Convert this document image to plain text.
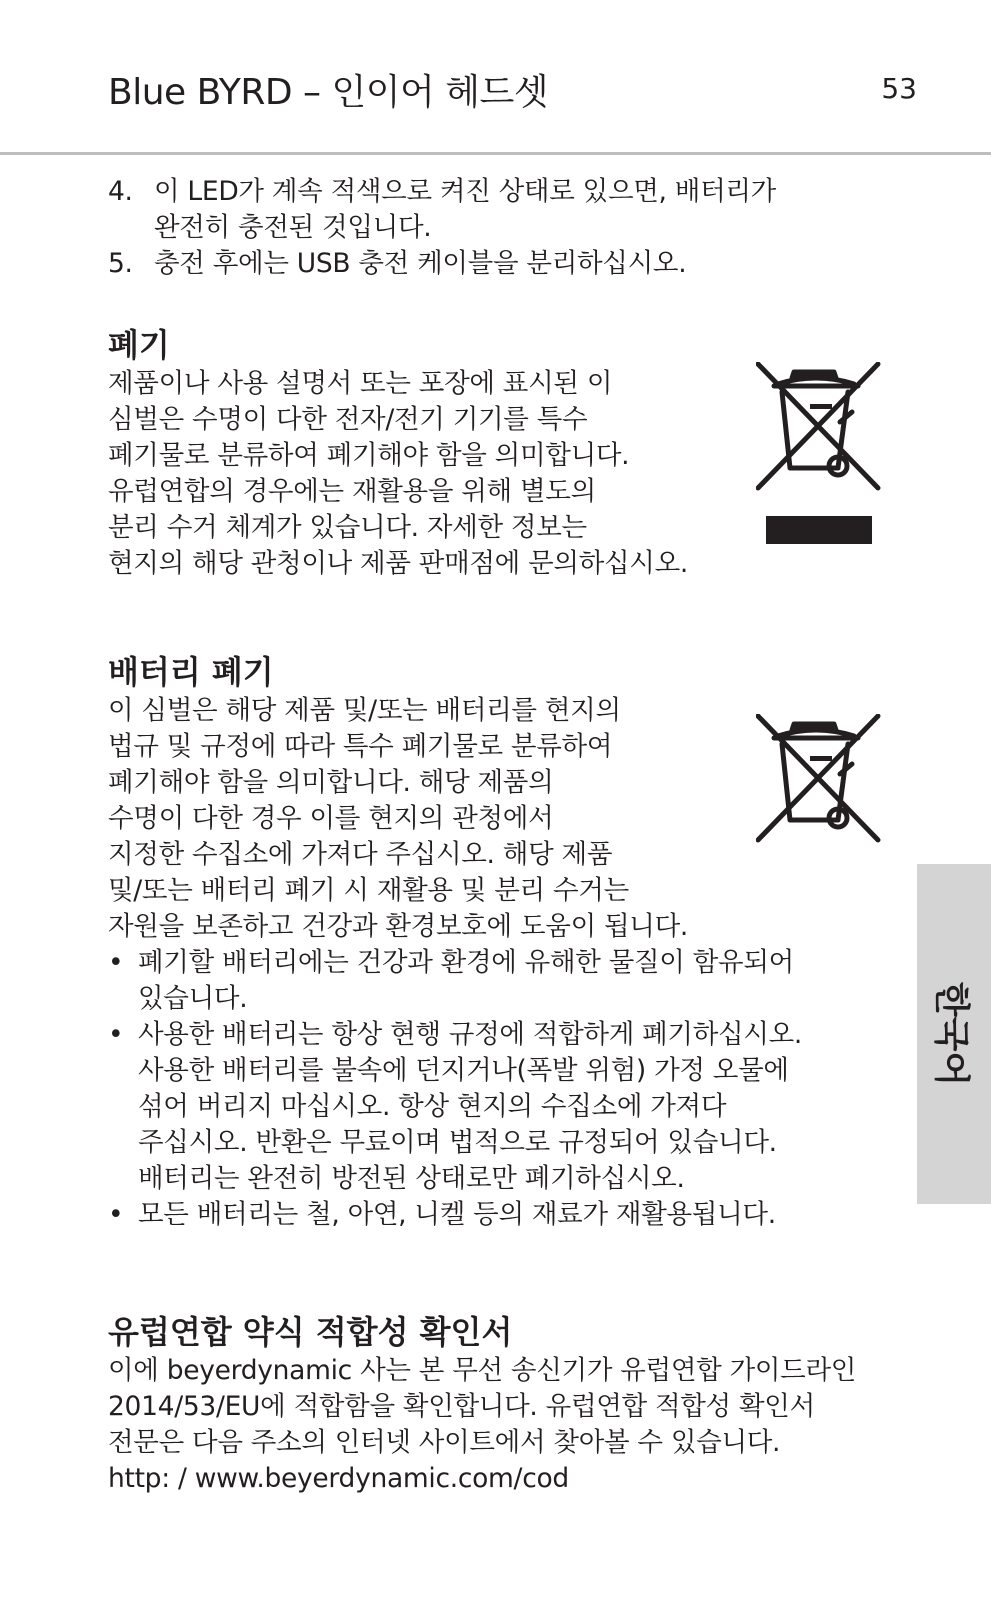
Blue BYRD – 인이어 헤드셋	53
4. 이 LED가 계속 적색으로 켜진 상태로 있으면, 배터리가
완전히 충전된 것입니다.
5. 충전 후에는 USB 충전 케이블을 분리하십시오.
폐기
제품이나 사용 설명서 또는 포장에 표시된 이
심벌은 수명이 다한 전자/전기 기기를 특수
폐기물로 분류하여 폐기해야 함을 의미합니다.
유럽연합의 경우에는 재활용을 위해 별도의
분리 수거 체계가 있습니다. 자세한 정보는
현지의 해당 관청이나 제품 판매점에 문의하십시오.
배터리 폐기
이 심벌은 해당 제품 및/또는 배터리를 현지의
법규 및 규정에 따라 특수 폐기물로 분류하여
폐기해야 함을 의미합니다. 해당 제품의
수명이 다한 경우 이를 현지의 관청에서
지정한 수집소에 가져다 주십시오. 해당 제품
및/또는 배터리 폐기 시 재활용 및 분리 수거는
자원을 보존하고 건강과 환경보호에 도움이 됩니다.
• 폐기할 배터리에는 건강과 환경에 유해한 물질이 함유되어
있습니다.
• 사용한 배터리는 항상 현행 규정에 적합하게 폐기하십시오.
사용한 배터리를 불속에 던지거나(폭발 위험) 가정 오물에
섞어 버리지 마십시오. 항상 현지의 수집소에 가져다
주십시오. 반환은 무료이며 법적으로 규정되어 있습니다.
배터리는 완전히 방전된 상태로만 폐기하십시오.
• 모든 배터리는 철, 아연, 니켈 등의 재료가 재활용됩니다.
유럽연합 약식 적합성 확인서
이에 beyerdynamic 사는 본 무선 송신기가 유럽연합 가이드라인
2014/53/EU에 적합함을 확인합니다. 유럽연합 적합성 확인서
전문은 다음 주소의 인터넷 사이트에서 찾아볼 수 있습니다.
http: / www.beyerdynamic.com/cod
한국어
